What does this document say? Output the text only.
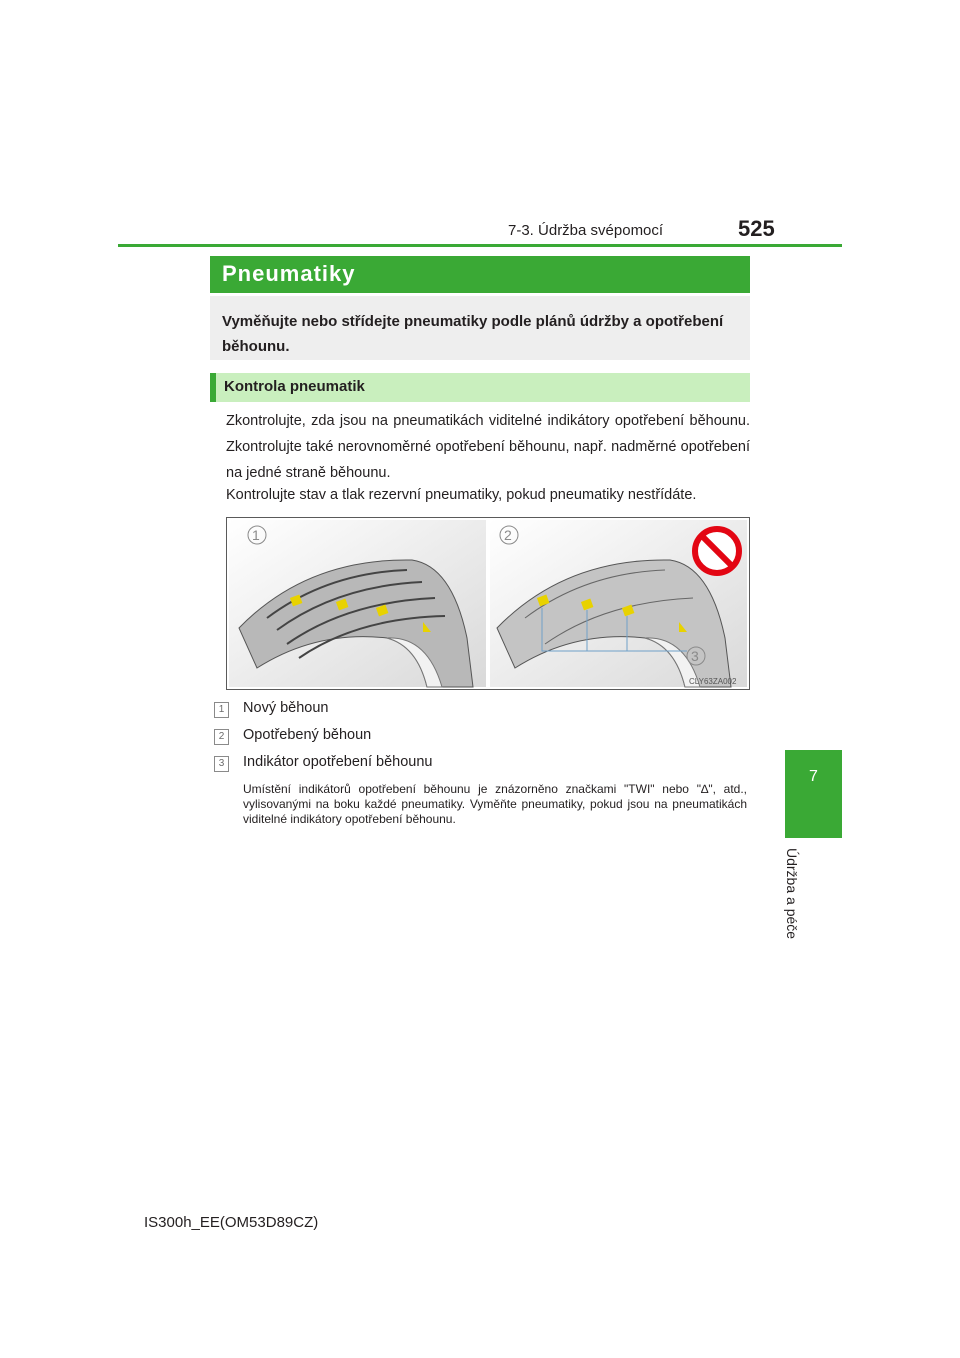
7-3. Údržba svépomocí	525
7
Údržba a péče
Pneumatiky
Vyměňujte nebo střídejte pneumatiky podle plánů údržby a opotřebení běhounu.
Kontrola pneumatik
Zkontrolujte, zda jsou na pneumatikách viditelné indikátory opotřebení běhounu. Zkontrolujte také nerovnoměrné opotřebení běhounu, např. nadměrné opotřebení na jedné straně běhounu.
Kontrolujte stav a tlak rezervní pneumatiky, pokud pneumatiky nestřídáte.
1	2
3
CLY63ZA002
1 Nový běhoun
2 Opotřebený běhoun
3 Indikátor opotřebení běhounu
Umístění indikátorů opotřebení běhounu je znázorněno značkami "TWI" nebo "∆", atd., vylisovanými na boku každé pneumatiky. Vyměňte pneumatiky, pokud jsou na pneumatikách viditelné indikátory opotřebení běhounu.
IS300h_EE(OM53D89CZ)
